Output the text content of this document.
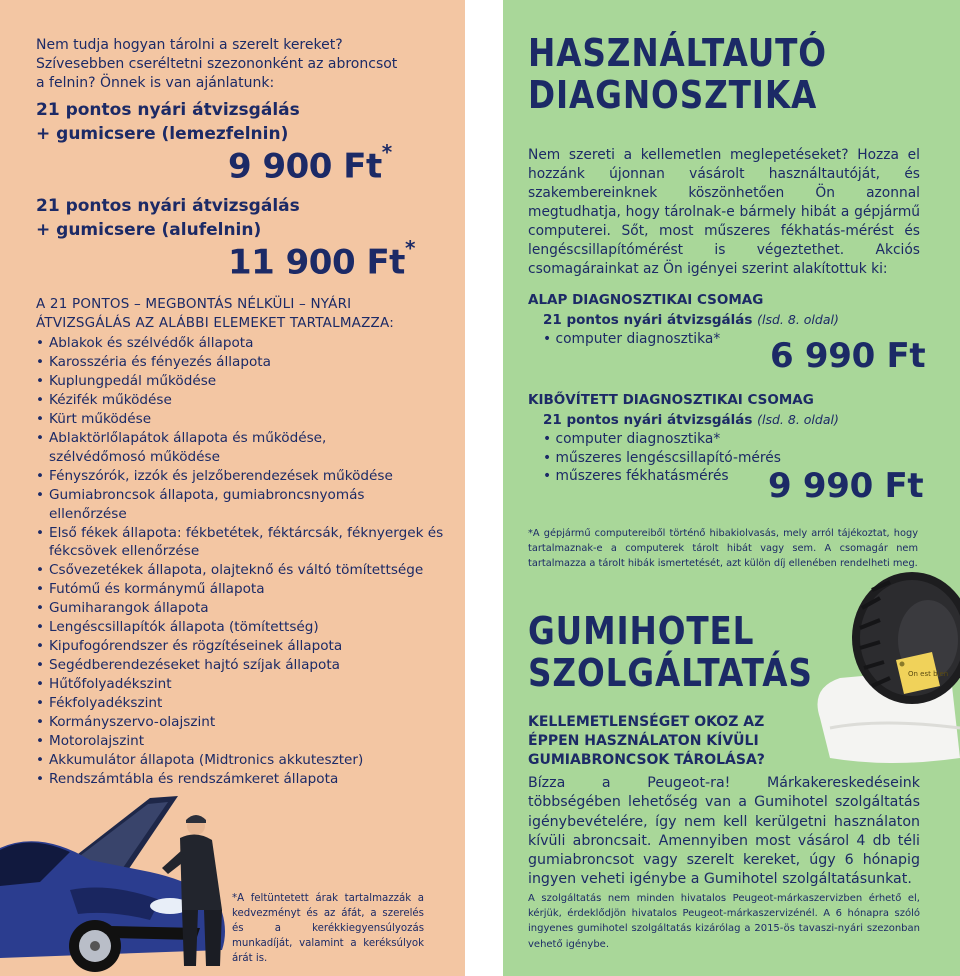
Nem tudja hogyan tárolni a szerelt kereket?
Szívesebben cseréltetni szezononként az abroncsot
a felnin? Önnek is van ajánlatunk:
21 pontos nyári átvizsgálás
+ gumicsere (lemezfelnin)
9 900 Ft*
21 pontos nyári átvizsgálás
+ gumicsere (alufelnin)
11 900 Ft*
A 21 PONTOS – MEGBONTÁS NÉLKÜLI – NYÁRI
ÁTVIZSGÁLÁS AZ ALÁBBI ELEMEKET TARTALMAZZA:
• Ablakok és szélvédők állapota
• Karosszéria és fényezés állapota
• Kuplungpedál működése
• Kézifék működése
• Kürt működése
• Ablaktörlőlapátok állapota és működése, szélvédőmosó működése
• Fényszórók, izzók és jelzőberendezések működése
• Gumiabroncsok állapota, gumiabroncsnyomás ellenőrzése
• Első fékek állapota: fékbetétek, féktárcsák, féknyergek és fékcsövek ellenőrzése
• Csővezetékek állapota, olajteknő és váltó tömítettsége
• Futómű és kormánymű állapota
• Gumiharangok állapota
• Lengéscsillapítók állapota (tömítettség)
• Kipufogórendszer és rögzítéseinek állapota
• Segédberendezéseket hajtó szíjak állapota
• Hűtőfolyadékszint
• Fékfolyadékszint
• Kormányszervo-olajszint
• Motorolajszint
• Akkumulátor állapota (Midtronics akkuteszter)
• Rendszámtábla és rendszámkeret állapota
*A feltüntetett árak tartalmazzák a kedvezményt és az áfát, a szerelés és a kerékkiegyensúlyozás munkadíját, valamint a keréksúlyok árát is.
HASZNÁLTAUTÓ
DIAGNOSZTIKA
Nem szereti a kellemetlen meglepetéseket? Hozza el hozzánk újonnan vásárolt használtautóját, és szakembereinknek köszönhetően Ön azonnal megtudhatja, hogy tárolnak-e bármely hibát a gépjármű computerei. Sőt, most műszeres fékhatás-mérést és lengéscsillapítómérést is végeztethet. Akciós csomagárainkat az Ön igényei szerint alakítottuk ki:
ALAP DIAGNOSZTIKAI CSOMAG
21 pontos nyári átvizsgálás (lsd. 8. oldal)
• computer diagnosztika* 6 990 Ft
KIBŐVÍTETT DIAGNOSZTIKAI CSOMAG
21 pontos nyári átvizsgálás (lsd. 8. oldal)
• computer diagnosztika*
• műszeres lengéscsillapító-mérés
• műszeres fékhatásmérés	9 990 Ft
*A gépjármű computereiből történő hibakiolvasás, mely arról tájékoztat, hogy tartalmaznak-e a computerek tárolt hibát vagy sem. A csomagár nem tartalmazza a tárolt hibák ismertetését, azt külön díj ellenében rendelheti meg.
GUMIHOTEL
SZOLGÁLTATÁS	On est bien
KELLEMETLENSÉGET OKOZ AZ ÉPPEN HASZNÁLATON KÍVÜLI GUMIABRONCSOK TÁROLÁSA?
Bízza a Peugeot-ra! Márkakereskedéseink többségében lehetőség van a Gumihotel szolgáltatás igénybevételére, így nem kell kerülgetni használaton kívüli abroncsait. Amennyiben most vásárol 4 db téli gumiabroncsot vagy szerelt kereket, úgy 6 hónapig ingyen veheti igénybe a Gumihotel szolgáltatásunkat.
A szolgáltatás nem minden hivatalos Peugeot-márkaszervizben érhető el, kérjük, érdeklődjön hivatalos Peugeot-márkaszervizénél. A 6 hónapra szóló ingyenes gumihotel szolgáltatás kizárólag a 2015-ös tavaszi-nyári szezonban vehető igénybe.
